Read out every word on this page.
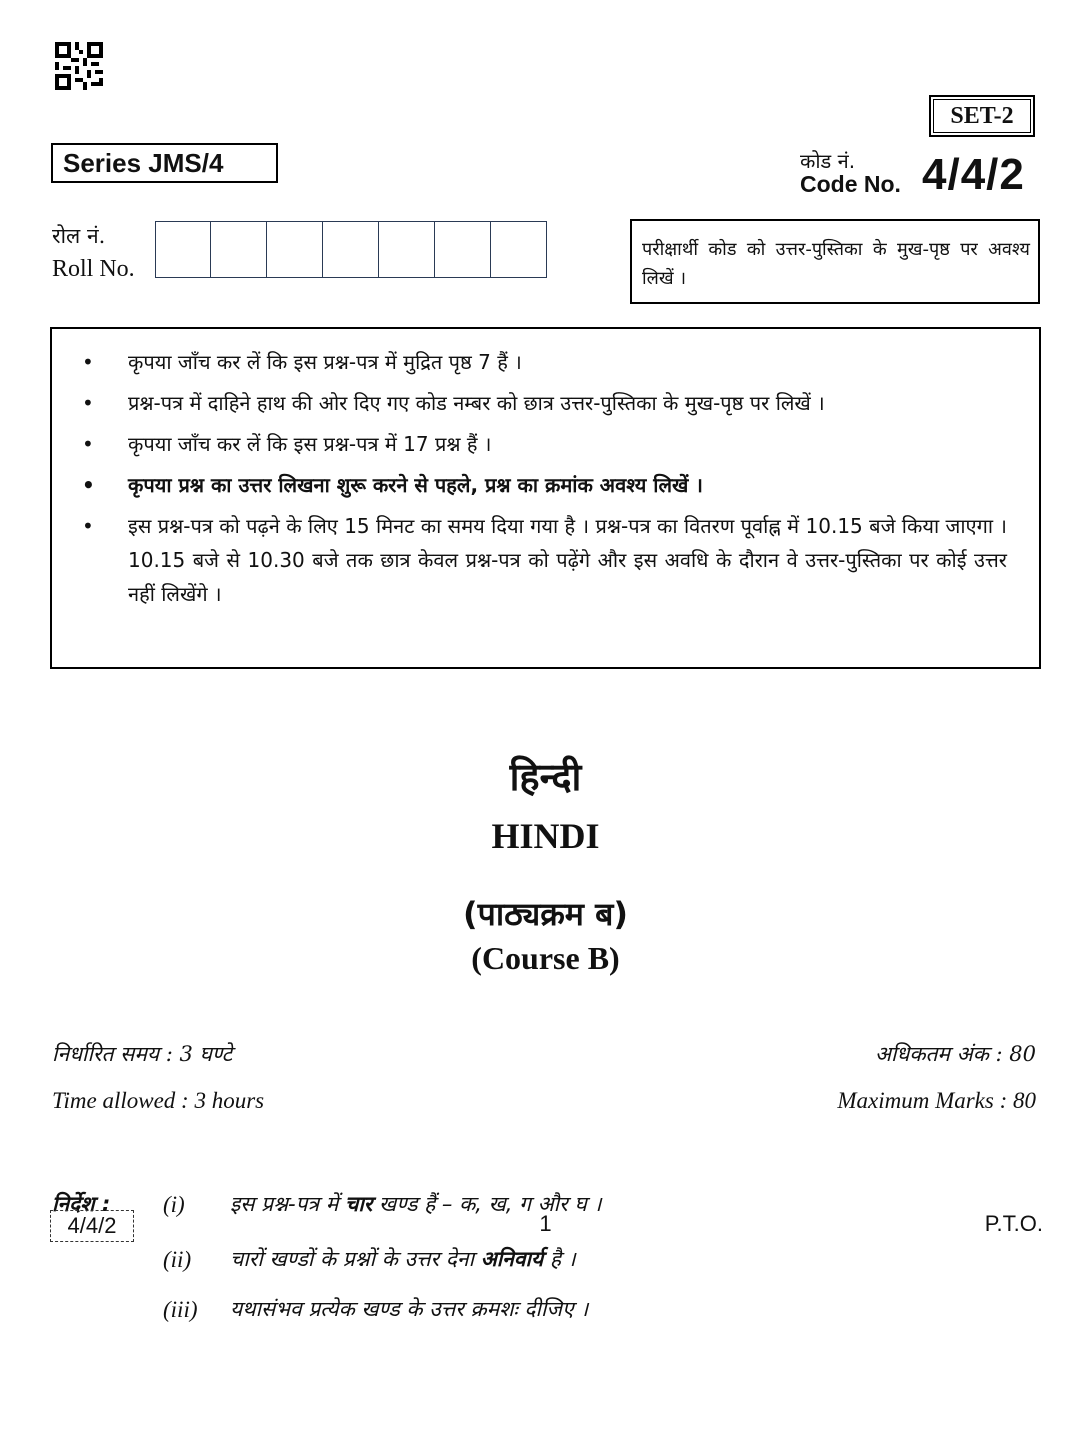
SET-2
Series JMS/4	कोड नं.
Code No. 4/4/2
रोल नं.
Roll No.
परीक्षार्थी कोड को उत्तर-पुस्तिका के मुख-पृष्ठ पर अवश्य लिखें ।
• कृपया जाँच कर लें कि इस प्रश्न-पत्र में मुद्रित पृष्ठ 7 हैं ।
• प्रश्न-पत्र में दाहिने हाथ की ओर दिए गए कोड नम्बर को छात्र उत्तर-पुस्तिका के मुख-पृष्ठ पर लिखें ।
• कृपया जाँच कर लें कि इस प्रश्न-पत्र में 17 प्रश्न हैं ।
• कृपया प्रश्न का उत्तर लिखना शुरू करने से पहले, प्रश्न का क्रमांक अवश्य लिखें ।
• इस प्रश्न-पत्र को पढ़ने के लिए 15 मिनट का समय दिया गया है । प्रश्न-पत्र का वितरण पूर्वाह्न में 10.15 बजे किया जाएगा । 10.15 बजे से 10.30 बजे तक छात्र केवल प्रश्न-पत्र को पढ़ेंगे और इस अवधि के दौरान वे उत्तर-पुस्तिका पर कोई उत्तर नहीं लिखेंगे ।
हिन्दी
HINDI
(पाठ्यक्रम ब)
(Course B)
निर्धारित समय : 3 घण्टे
Time allowed : 3 hours
अधिकतम अंक : 80
Maximum Marks : 80
निर्देश : (i) इस प्रश्न-पत्र में चार खण्ड हैं – क, ख, ग और घ ।
(ii) चारों खण्डों के प्रश्नों के उत्तर देना अनिवार्य है ।
(iii) यथासंभव प्रत्येक खण्ड के उत्तर क्रमशः दीजिए ।
4/4/2	1	P.T.O.
